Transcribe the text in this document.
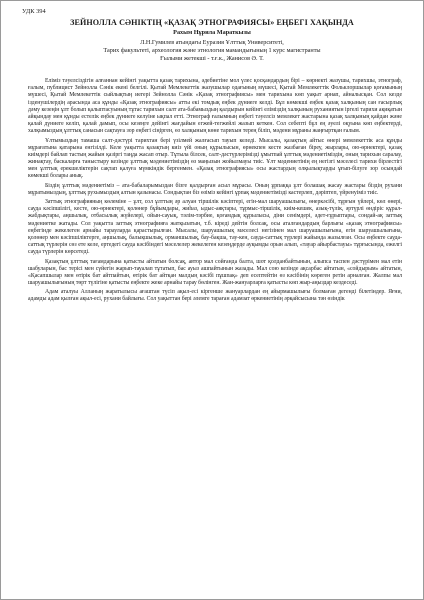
УДК 394
ЗЕЙНОЛЛА СӘНІКТІҢ «ҚАЗАҚ ЭТНОГРАФИЯСЫ» ЕҢБЕГІ ХАҚЫНДА
Рахым Нұрила Мараткызы
Л.Н.Гумилев атындағы Еуразия Ұлттық Университеті,
Тарих факультеті, археология және этнология мамандығының 1 курс магистранты
Ғылыми жетекші - т.ғ.к., Жанисов Ә. Т.

Еліміз тәуелсіздігін алғаннан кейінгі уақытта қазақ тарихына, әдебиетіне мол үлес қосқандардың бірі – көрнекті жазушы, тарихшы, этнограф, ғалым, публицист Зейнолла Сәнік екені белгілі. Қытай Мемлекеттік жазушылар одағының мүшесі, Қытай Мемлекеттік Фольклоршылар қоғамының мүшесі, Қытай Мемлекеттік сыйлықтың иегері Зейнолла Сәнік «Қазақ этнографиясы» мен тарихына көп уақыт арнап, айналысқан. Сол кезде ізденушілердің арасында аса құнды «Қазақ этнографиясы» атты екі томдық еңбек дүниеге келді. Бұл көмекші еңбек қазақ халқының сан ғасырлық дәму кезеңін ұлт болып қалыптасуының тұтас тарихын салт ата-бабамыздың қалдырын кейінгі еліміздің халқының руханиятын іргелі тарихи ақиқатын айқындау мен құнды естелік еңбек дүниеге келуіне ықпал етті. Этнограф ғалымның еңбегі тәуелсіз мемлекет жастарына қазақ халқының қайдан және қалай дүниеге келіп, қалай дамып, осы кезеңге дейінгі жағдайын егжей-тегжейлі жазып кеткен. Сол себепті бұл ең әуелі оқуына көп еңбектерді, халқымыздың ұлттық санасын сақтауға зор еңбегі сіңірген, өз халқының көне тарихын терең біліп, мәдени мұраны жаңғыртқан ғалым.

Ұлтымыздың тамаша салт-дәстүрі тарихтан бері үзілмей жалғасып тауып келеді. Мысалы, қазақтың айтыс өнері мемлекеттік аса құнды мұрағатына қатарына енгізілді. Келе уақытта қазақтың киіз үйі оның құрылысын, өрнекпен кесте жазбаған біреу, жырлары, ою-өрнектері, қазақ киімдері байлап тастың жайын қазіргі таңда жасап отыр. Тұтыла білсек, салт-дәстүрлерімізді ұмытпай ұлттық мәдениетіміздің, оның тарихын саралау, жинақтау, баскаларға таныстыру кезінде ұлттық мәдениетіміздің өз маңызын жойылмауы тиіс. Ұлт мәдениетінің ең негізгі мәселесі тарихи бірлестігі мен ұлттық ерекшеліктерін сақтап қалуға мүмкіндік бергенмен. «Қазақ этнографиясы» осы жастардың олқылықтарды ұғып-білуге зор осындай көмекші болары анық.

Біздің ұлттық мәдениетіміз – ата-бабаларымыздан бізге қалдырған асыл мұрасы. Оның ұрпаққа ұлт болашақ жасау жастары біздің рухани мұратымыздың, ұлттық рухымыздың алтын қазынасы. Сондықтан біз өзіміз кейінгі ұрпақ мәдениетімізді кастерлеп, дәріптеп, үйренуіміз тиіс.

Заттық этнографияның көлеміне – ұлт, сол ұлттың әр алуан тіршілік кәсіптері, егін-мал шаруашылығы, өнеркәсібі, тұрғын үйлері, көл өнері, сауда кәсіпшілігі, кесте, ою-өрнектері, қолөнер бұйымдары, жиһаз, ыдыс-аяқтары, тұрмыс-тіршілік, киім-кешек, азық-түлік, әртүрлі өндіріс құрал-жабдықтары, аңшылық, отбасылық жүйелері, ойын-сауық, тәлім-тәрбие, қоғамдық құрылысы, діни сенімдері, әдет-ғұрыптары, сондай-ақ заттық мәдениетке жатады. Сол уақытта заттық этнографияға жатқызатын, т.б. кіреді дейтін болсақ, осы аталғандардың барлығы «қазақ этнографиясы» еңбегінде жекелеген арнайы тарауларда қарастырылған. Мысалы, шаруашылық мәселесі негізінен мал шаруашылығына, егін шаруашылығына, қолөнер мен кәсіпшіліктерге, аңшылық, балықшылық, орманшылық, бау-бақша, тау-кен, сауда-саттық түрлері жайында жазылған. Осы еңбекте сауда-саттық түрлерін сөз ете келе, ертедегі сауда кәсібіндегі мәселелер жекелеген кезеңдерде ауқымды орын алып, «тауар айырбастауы» тұрғысында, ежелгі сауда түрлерін көрсетеді.

Қазақтың ұлттық тағамдарына қатысты айтатын болсақ, автор мал сойғанда балта, шот қолданбайтынын, алыпса таспен дәстүрімен мал етін шабуларын, бас терісі мен сүйегін жарып-тауалап тұтатып, бас ауыз ашпайтынын жазады. Мал сою кезінде ақсарбас айтатын, «сойдырым» айтатын, «Қасапшылар мен өтірік бат айтпайтын, өтірік бат айтқан малдың кәсібі пұшпақ» деп есептейтін өз кәсібінің көреген ретін арналған. Жалпы мал шаруашылығының төрт түлігіне қатысты еңбекте жеке арнайы тарау бөлінген. Жан-жануарларға қатысты көп жыр-аңыздар кездеседі.

Адам аталуы Алланың жаратылысы ағаштан түсіп ақыл-есі кіргенше жануарлардан ең айырмашылығы болмаған дегенді білетіндер. Яғни, адамды адам қылған ақыл-есі, рухани байлығы. Сол уақыттан бері әлемге тараған адамзат өркениетінің әрқайсысына тән өзіндік
